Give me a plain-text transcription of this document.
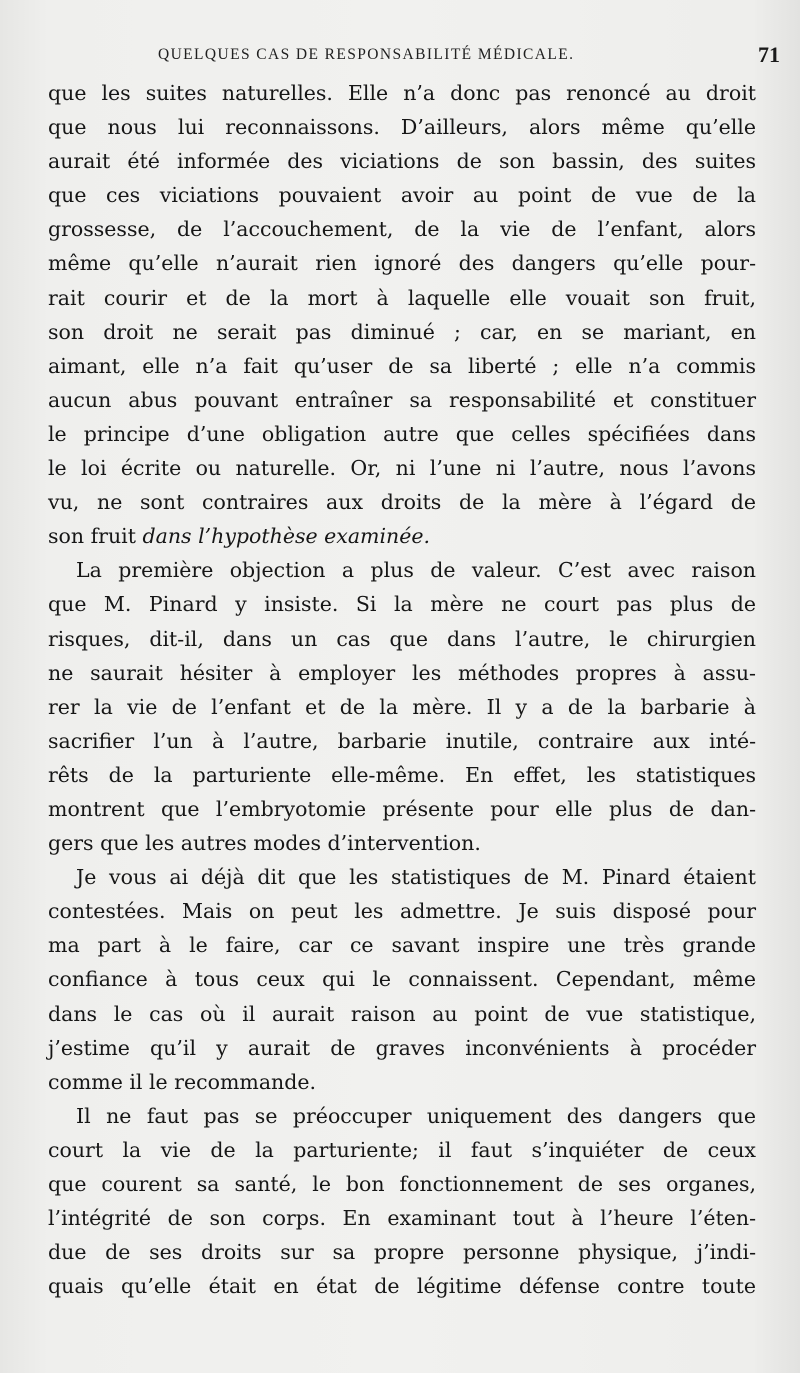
QUELQUES CAS DE RESPONSABILITÉ MÉDICALE.	71
que les suites naturelles. Elle n’a donc pas renoncé au droit
que nous lui reconnaissons. D’ailleurs, alors même qu’elle
aurait été informée des viciations de son bassin, des suites
que ces viciations pouvaient avoir au point de vue de la
grossesse, de l’accouchement, de la vie de l’enfant, alors
même qu’elle n’aurait rien ignoré des dangers qu’elle pour-
rait courir et de la mort à laquelle elle vouait son fruit,
son droit ne serait pas diminué ; car, en se mariant, en
aimant, elle n’a fait qu’user de sa liberté ; elle n’a commis
aucun abus pouvant entraîner sa responsabilité et constituer
le principe d’une obligation autre que celles spécifiées dans
le loi écrite ou naturelle. Or, ni l’une ni l’autre, nous l’avons
vu, ne sont contraires aux droits de la mère à l’égard de
son fruit dans l’hypothèse examinée.
La première objection a plus de valeur. C’est avec raison
que M. Pinard y insiste. Si la mère ne court pas plus de
risques, dit-il, dans un cas que dans l’autre, le chirurgien
ne saurait hésiter à employer les méthodes propres à assu-
rer la vie de l’enfant et de la mère. Il y a de la barbarie à
sacrifier l’un à l’autre, barbarie inutile, contraire aux inté-
rêts de la parturiente elle-même. En effet, les statistiques
montrent que l’embryotomie présente pour elle plus de dan-
gers que les autres modes d’intervention.
Je vous ai déjà dit que les statistiques de M. Pinard étaient
contestées. Mais on peut les admettre. Je suis disposé pour
ma part à le faire, car ce savant inspire une très grande
confiance à tous ceux qui le connaissent. Cependant, même
dans le cas où il aurait raison au point de vue statistique,
j’estime qu’il y aurait de graves inconvénients à procéder
comme il le recommande.
Il ne faut pas se préoccuper uniquement des dangers que
court la vie de la parturiente; il faut s’inquiéter de ceux
que courent sa santé, le bon fonctionnement de ses organes,
l’intégrité de son corps. En examinant tout à l’heure l’éten-
due de ses droits sur sa propre personne physique, j’indi-
quais qu’elle était en état de légitime défense contre toute
